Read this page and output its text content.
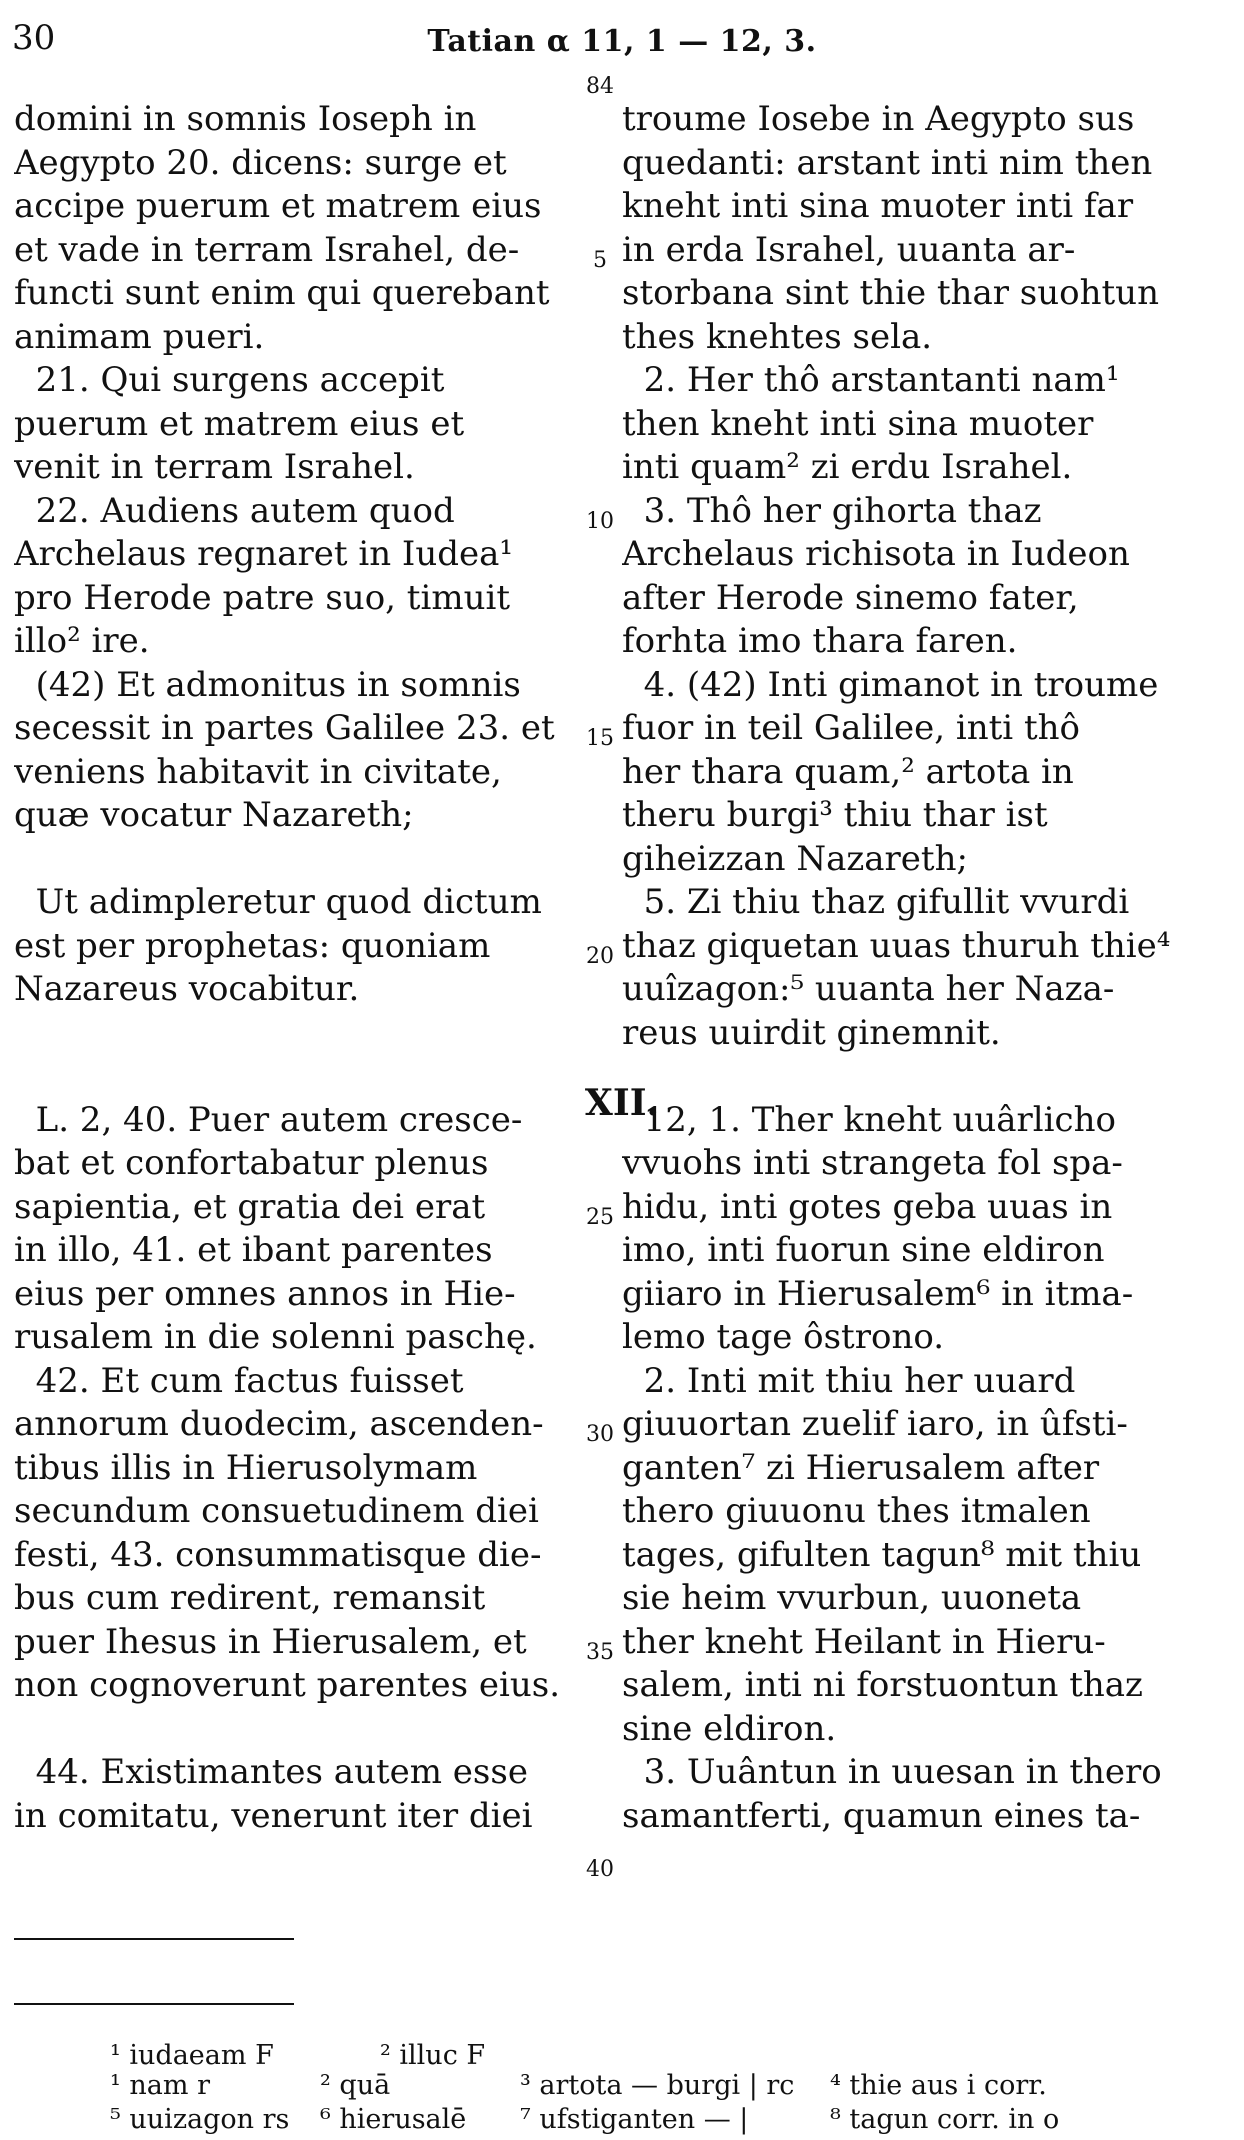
30	Tatian α 11, 1 — 12, 3.
domini in somnis Ioseph in
Aegypto 20. dicens: surge et
accipe puerum et matrem eius
et vade in terram Israhel, de-
functi sunt enim qui querebant
animam pueri.
21. Qui surgens accepit
puerum et matrem eius et
venit in terram Israhel.
22. Audiens autem quod
Archelaus regnaret in Iudea¹
pro Herode patre suo, timuit
illo² ire.
(42) Et admonitus in somnis
secessit in partes Galilee 23. et
veniens habitavit in civitate,
quæ vocatur Nazareth;
Ut adimpleretur quod dictum
est per prophetas: quoniam
Nazareus vocabitur.
L. 2, 40. Puer autem cresce-
bat et confortabatur plenus
sapientia, et gratia dei erat
in illo, 41. et ibant parentes
eius per omnes annos in Hie-
rusalem in die solenni paschę.
42. Et cum factus fuisset
annorum duodecim, ascenden-
tibus illis in Hierusolymam
secundum consuetudinem diei
festi, 43. consummatisque die-
bus cum redirent, remansit
puer Ihesus in Hierusalem, et
non cognoverunt parentes eius.
44. Existimantes autem esse
in comitatu, venerunt iter diei
troume Iosebe in Aegypto sus
quedanti: arstant inti nim then
kneht inti sina muoter inti far
in erda Israhel, uuanta ar-
storbana sint thie thar suohtun
thes knehtes sela.
2. Her thô arstantanti nam¹
then kneht inti sina muoter
inti quam² zi erdu Israhel.
3. Thô her gihorta thaz
Archelaus richisota in Iudeon
after Herode sinemo fater,
forhta imo thara faren.
4. (42) Inti gimanot in troume
fuor in teil Galilee, inti thô
her thara quam,² artota in
theru burgi³ thiu thar ist
giheizzan Nazareth;
5. Zi thiu thaz gifullit vvurdi
thaz giquetan uuas thuruh thie⁴
uuîzagon:⁵ uuanta her Naza-
reus uuirdit ginemnit.
12, 1. Ther kneht uuârlicho
vvuohs inti strangeta fol spa-
hidu, inti gotes geba uuas in
imo, inti fuorun sine eldiron
giiaro in Hierusalem⁶ in itma-
lemo tage ôstrono.
2. Inti mit thiu her uuard
giuuortan zuelif iaro, in ûfsti-
ganten⁷ zi Hierusalem after
thero giuuonu thes itmalen
tages, gifulten tagun⁸ mit thiu
sie heim vvurbun, uuoneta
ther kneht Heilant in Hieru-
salem, inti ni forstuontun thaz
sine eldiron.
3. Uuântun in uuesan in thero
samantferti, quamun eines ta-
XII.
84
5
10
15
20
25
30
35
40
¹ iudaeam F	² illuc F
¹ nam r	² quā	³ artota — burgi | rc ⁴ thie aus i corr.
⁵ uuizagon rs ⁶ hierusalē ⁷ ufstiganten — |	⁸ tagun corr. in o
